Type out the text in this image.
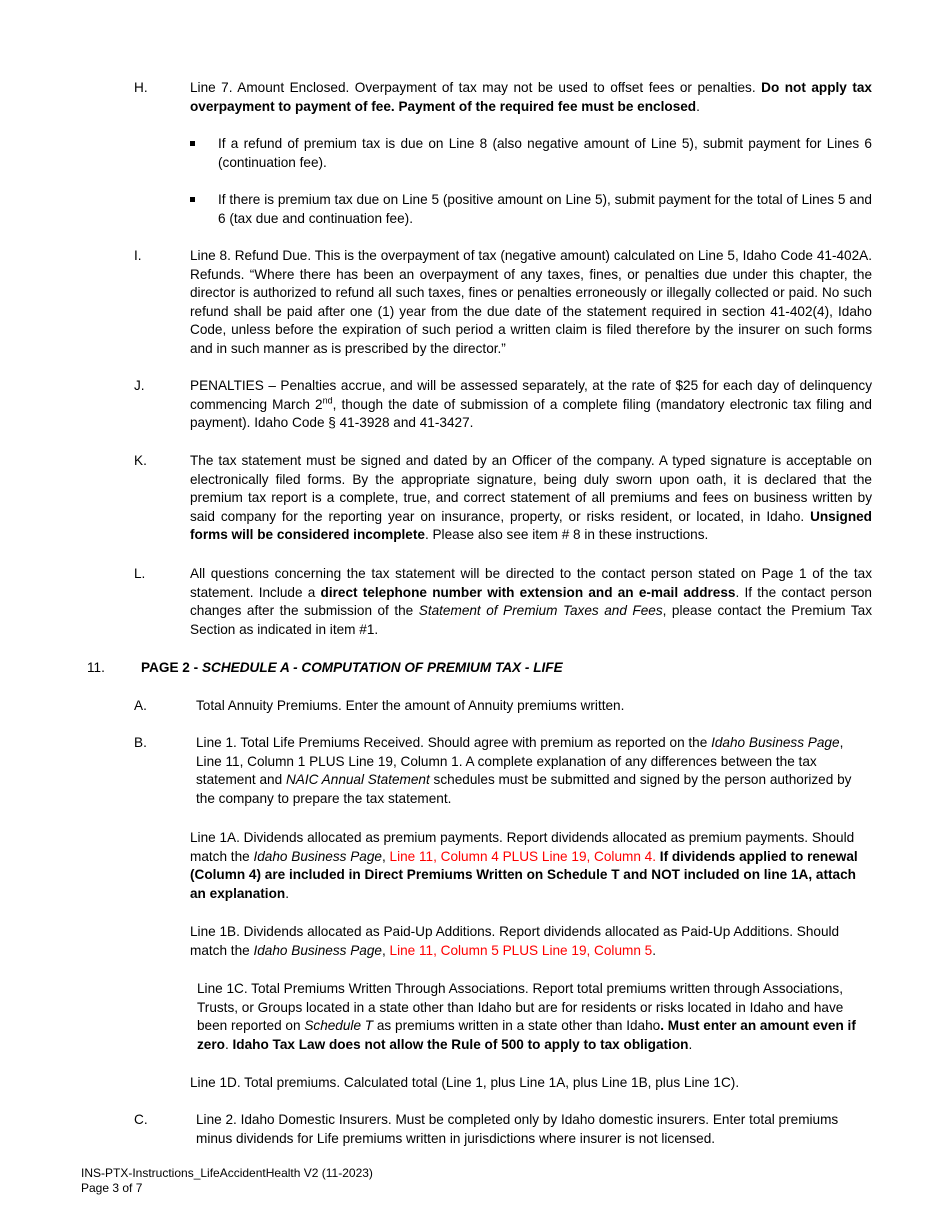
H.	Line 7. Amount Enclosed. Overpayment of tax may not be used to offset fees or penalties. Do not apply tax overpayment to payment of fee. Payment of the required fee must be enclosed.
If a refund of premium tax is due on Line 8 (also negative amount of Line 5), submit payment for Lines 6 (continuation fee).
If there is premium tax due on Line 5 (positive amount on Line 5), submit payment for the total of Lines 5 and 6 (tax due and continuation fee).
I.	Line 8. Refund Due. This is the overpayment of tax (negative amount) calculated on Line 5, Idaho Code 41-402A. Refunds. “Where there has been an overpayment of any taxes, fines, or penalties due under this chapter, the director is authorized to refund all such taxes, fines or penalties erroneously or illegally collected or paid. No such refund shall be paid after one (1) year from the due date of the statement required in section 41-402(4), Idaho Code, unless before the expiration of such period a written claim is filed therefore by the insurer on such forms and in such manner as is prescribed by the director.”
J.	PENALTIES – Penalties accrue, and will be assessed separately, at the rate of $25 for each day of delinquency commencing March 2nd, though the date of submission of a complete filing (mandatory electronic tax filing and payment). Idaho Code § 41-3928 and 41-3427.
K.	The tax statement must be signed and dated by an Officer of the company. A typed signature is acceptable on electronically filed forms. By the appropriate signature, being duly sworn upon oath, it is declared that the premium tax report is a complete, true, and correct statement of all premiums and fees on business written by said company for the reporting year on insurance, property, or risks resident, or located, in Idaho. Unsigned forms will be considered incomplete. Please also see item # 8 in these instructions.
L.	All questions concerning the tax statement will be directed to the contact person stated on Page 1 of the tax statement. Include a direct telephone number with extension and an e-mail address. If the contact person changes after the submission of the Statement of Premium Taxes and Fees, please contact the Premium Tax Section as indicated in item #1.
11.	PAGE 2 - SCHEDULE A - COMPUTATION OF PREMIUM TAX - LIFE
A.	Total Annuity Premiums. Enter the amount of Annuity premiums written.
B.	Line 1. Total Life Premiums Received. Should agree with premium as reported on the Idaho Business Page, Line 11, Column 1 PLUS Line 19, Column 1. A complete explanation of any differences between the tax statement and NAIC Annual Statement schedules must be submitted and signed by the person authorized by the company to prepare the tax statement.
Line 1A. Dividends allocated as premium payments. Report dividends allocated as premium payments. Should match the Idaho Business Page, Line 11, Column 4 PLUS Line 19, Column 4. If dividends applied to renewal (Column 4) are included in Direct Premiums Written on Schedule T and NOT included on line 1A, attach an explanation.
Line 1B. Dividends allocated as Paid-Up Additions. Report dividends allocated as Paid-Up Additions. Should match the Idaho Business Page, Line 11, Column 5 PLUS Line 19, Column 5.
Line 1C. Total Premiums Written Through Associations. Report total premiums written through Associations, Trusts, or Groups located in a state other than Idaho but are for residents or risks located in Idaho and have been reported on Schedule T as premiums written in a state other than Idaho. Must enter an amount even if zero. Idaho Tax Law does not allow the Rule of 500 to apply to tax obligation.
Line 1D. Total premiums. Calculated total (Line 1, plus Line 1A, plus Line 1B, plus Line 1C).
C.	Line 2. Idaho Domestic Insurers. Must be completed only by Idaho domestic insurers. Enter total premiums minus dividends for Life premiums written in jurisdictions where insurer is not licensed.
INS-PTX-Instructions_LifeAccidentHealth V2 (11-2023)
Page 3 of 7
